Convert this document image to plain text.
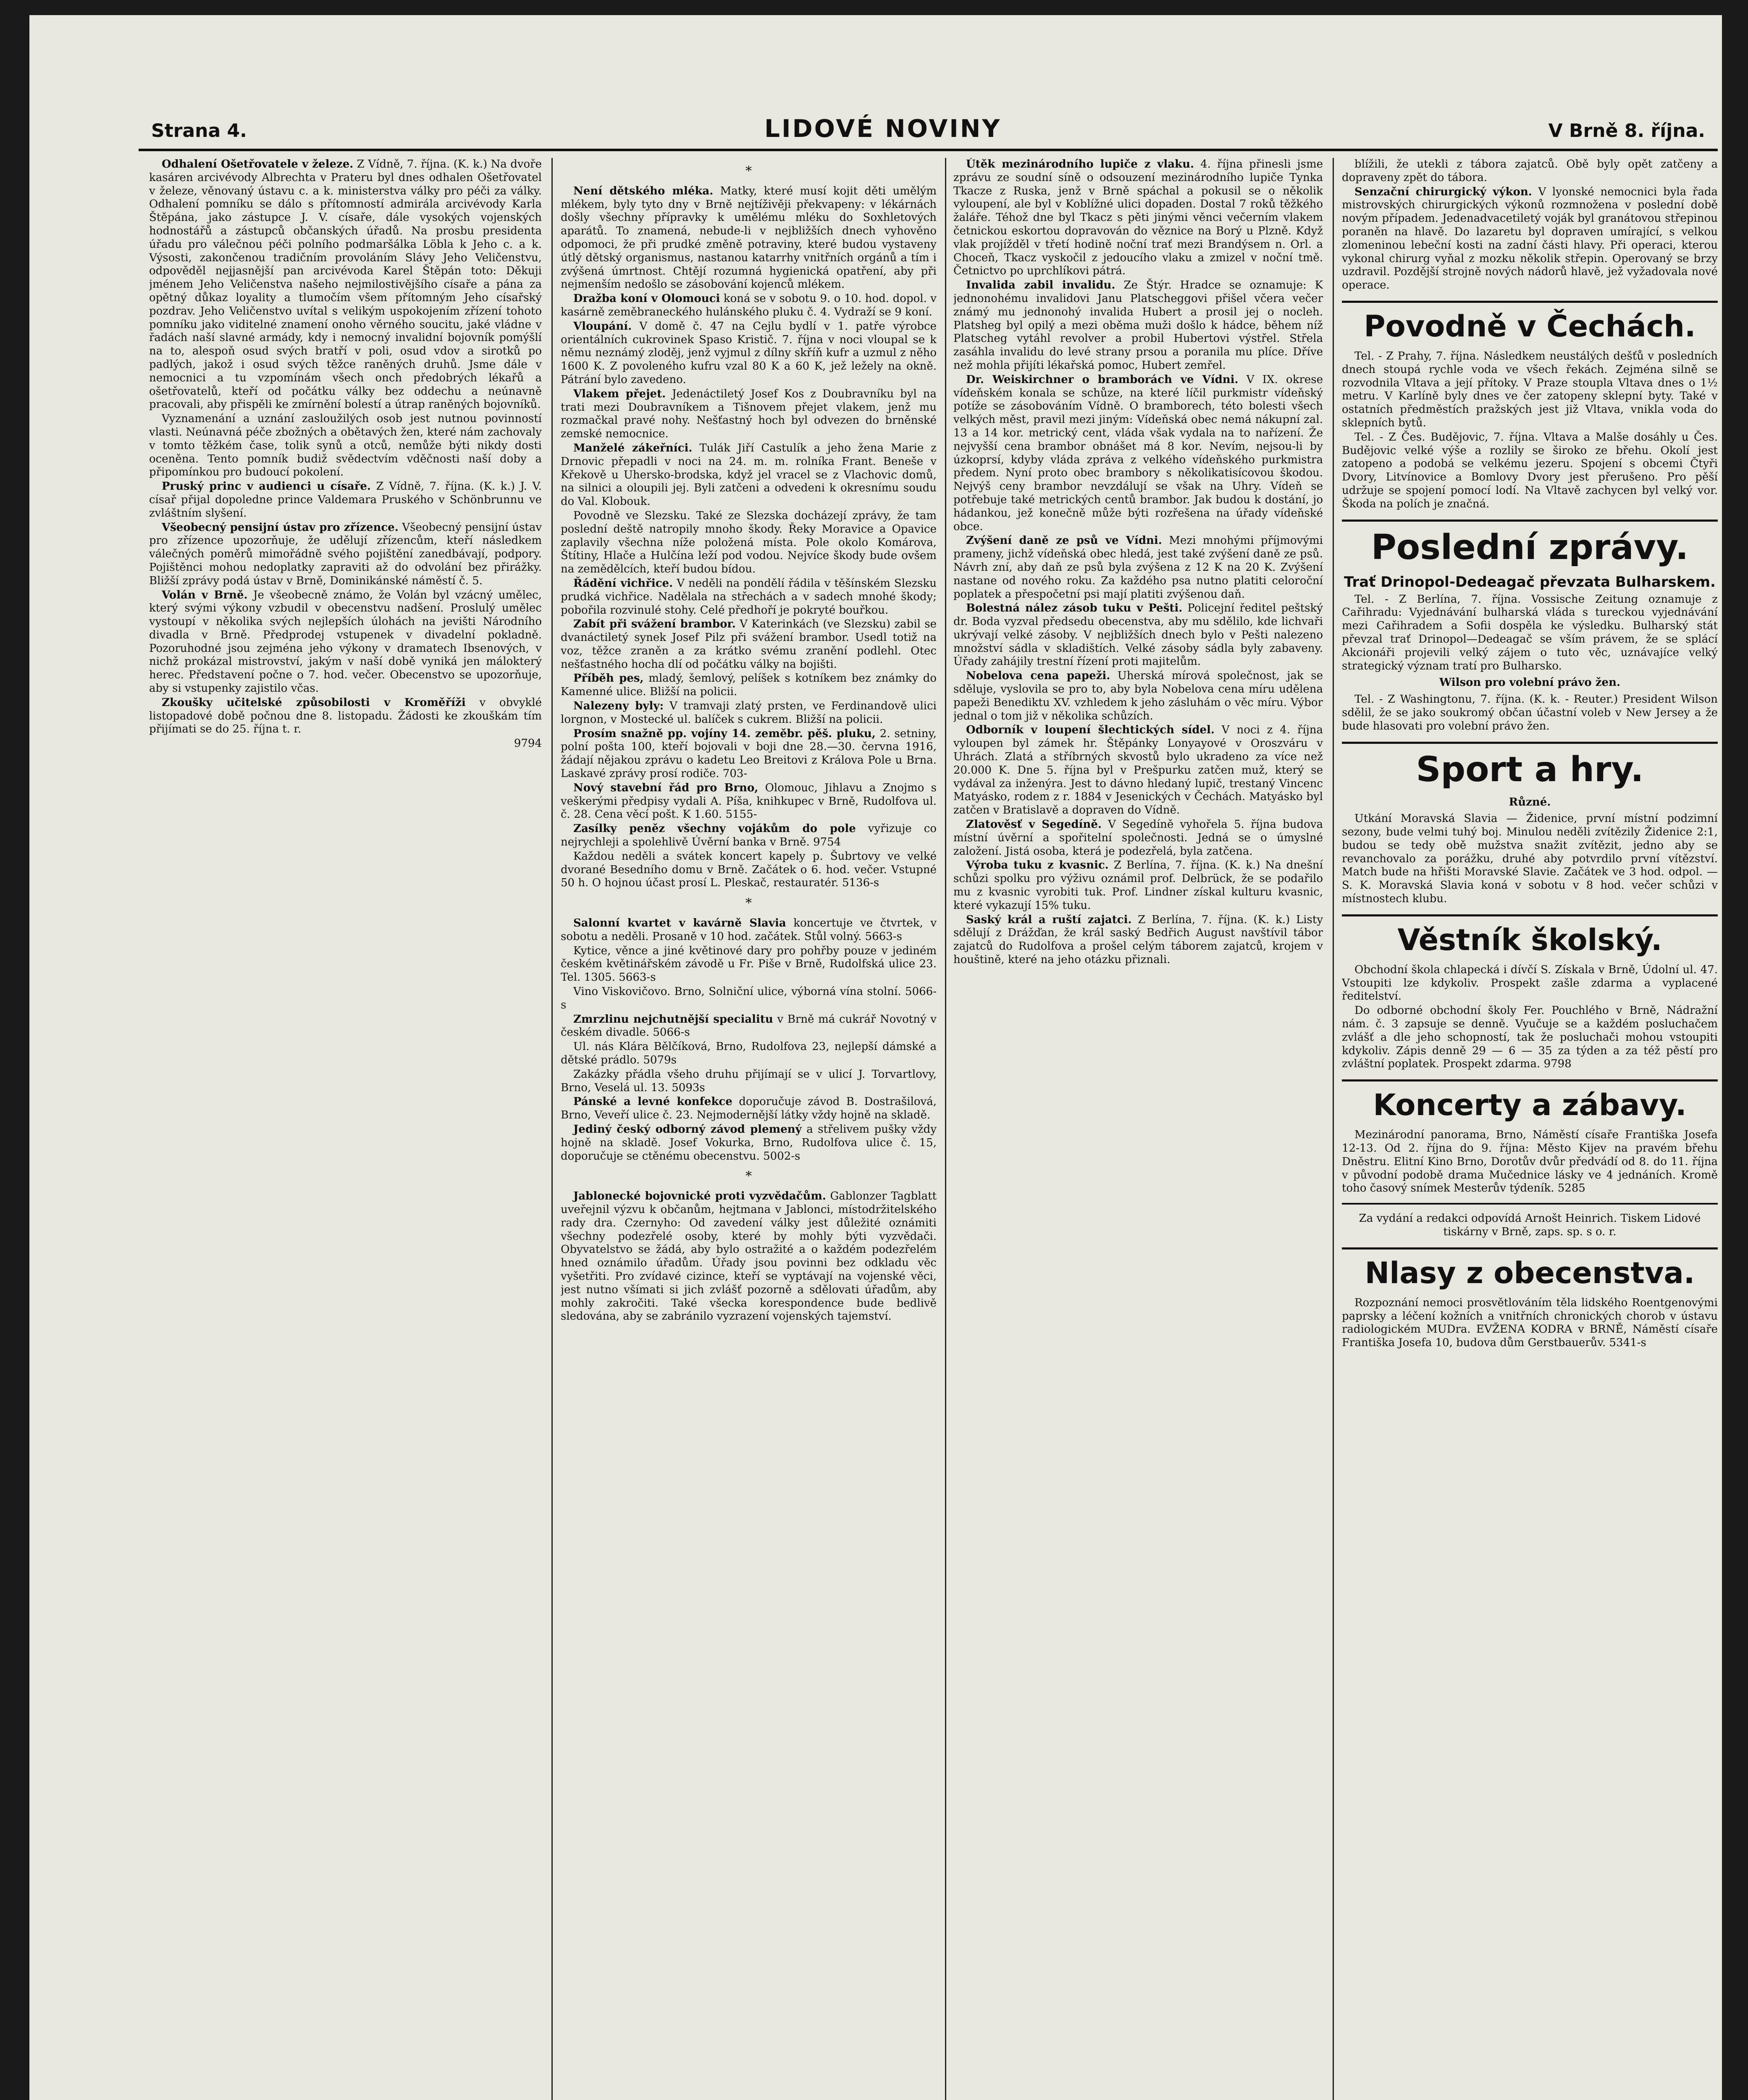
Strana 4.	LIDOVÉ NOVINY	V Brně 8. října.

Odhalení Ošetřovatele v železe. Z Vídně, 7. října. (K. k.) Na dvoře kasáren arcivévody Albrechta v Prateru byl dnes odhalen Ošetřovatel v železe, věnovaný ústavu c. a k. ministerstva války pro péči za války. Odhalení pomníku se dálo s přítomností admirála arcivévody Karla Štěpána, jako zástupce J. V. císaře, dále vysokých vojenských hodnostářů a zástupců občanských úřadů. Na prosbu presidenta úřadu pro válečnou péči polního podmaršálka Löbla k Jeho c. a k. Výsosti, zakončenou tradičním provoláním Slávy Jeho Veličenstvu, odpověděl nejjasnější pan arcivévoda Karel Štěpán toto: Děkuji jménem Jeho Veličenstva našeho nejmilostivějšího císaře a pána za opětný důkaz loyality a tlumočím všem přítomným Jeho císařský pozdrav. Jeho Veličenstvo uvítal s velikým uspokojením zřízení tohoto pomníku jako viditelné znamení onoho věrného soucitu, jaké vládne v řadách naší slavné armády, kdy i nemocný invalidní bojovník pomýšlí na to, alespoň osud svých bratří v poli, osud vdov a sirotků po padlých, jakož i osud svých těžce raněných druhů. Jsme dále v nemocnici a tu vzpomínám všech onch předobrých lékařů a ošetřovatelů, kteří od počátku války bez oddechu a neúnavně pracovali, aby přispěli ke zmírnění bolestí a útrap raněných bojovníků.

Vyznamenání a uznání zasloužilých osob jest nutnou povinností vlasti. Neúnavná péče zbožných a obětavých žen, které nám zachovaly v tomto těžkém čase, tolik synů a otců, nemůže býti nikdy dosti oceněna. Tento pomník budiž svědectvím vděčnosti naší doby a připomínkou pro budoucí pokolení.

Pruský princ v audienci u císaře. Z Vídně, 7. října. (K. k.) J. V. císař přijal dopoledne prince Valdemara Pruského v Schönbrunnu ve zvláštním slyšení.

Všeobecný pensijní ústav pro zřízence. Všeobecný pensijní ústav pro zřízence upozorňuje, že udělují zřízencům, kteří následkem válečných poměrů mimořádně svého pojištění zanedbávají, podpory. Pojištěnci mohou nedoplatky zapraviti až do odvolání bez přirážky. Bližší zprávy podá ústav v Brně, Dominikánské náměstí č. 5.

Volán v Brně. Je všeobecně známo, že Volán byl vzácný umělec, který svými výkony vzbudil v obecenstvu nadšení. Proslulý umělec vystoupí v několika svých nejlepších úlohách na jevišti Národního divadla v Brně. Předprodej vstupenek v divadelní pokladně. Pozoruhodné jsou zejména jeho výkony v dramatech Ibsenových, v nichž prokázal mistrovství, jakým v naší době vyniká jen málokterý herec. Představení počne o 7. hod. večer. Obecenstvo se upozorňuje, aby si vstupenky zajistilo včas.

Zkoušky učitelské způsobilosti v Kroměříži v obvyklé listopadové době počnou dne 8. listopadu. Žádosti ke zkouškám tím přijímati se do 25. října t. r.

9794

*

Není dětského mléka. Matky, které musí kojit děti umělým mlékem, byly tyto dny v Brně nejtíživěji překvapeny: v lékárnách došly všechny přípravky k umělému mléku do Soxhletových aparátů. To znamená, nebude-li v nejbližších dnech vyhověno odpomoci, že při prudké změně potraviny, které budou vystaveny útlý dětský organismus, nastanou katarrhy vnitřních orgánů a tím i zvýšená úmrtnost. Chtějí rozumná hygienická opatření, aby při nejmenším nedošlo se zásobování kojenců mlékem.

Dražba koní v Olomouci koná se v sobotu 9. o 10. hod. dopol. v kasárně zeměbraneckého hulánského pluku č. 4. Vydraží se 9 koní.

Vloupání. V domě č. 47 na Cejlu bydlí v 1. patře výrobce orientálních cukrovinek Spaso Kristič. 7. října v noci vloupal se k němu neznámý zloděj, jenž vyjmul z dílny skříň kufr a uzmul z něho 1600 K. Z povoleného kufru vzal 80 K a 60 K, jež ležely na okně. Pátrání bylo zavedeno.

Vlakem přejet. Jedenáctiletý Josef Kos z Doubravníku byl na trati mezi Doubravníkem a Tišnovem přejet vlakem, jenž mu rozmačkal pravé nohy. Nešťastný hoch byl odvezen do brněnské zemské nemocnice.

Manželé zákeřníci. Tulák Jiří Castulík a jeho žena Marie z Drnovic přepadli v noci na 24. m. m. rolníka Frant. Beneše v Křekově u Uhersko-brodska, když jel vracel se z Vlachovic domů, na silnici a oloupili jej. Byli zatčeni a odvedeni k okresnímu soudu do Val. Klobouk.

Povodně ve Slezsku. Také ze Slezska docházejí zprávy, že tam poslední deště natropily mnoho škody. Řeky Moravice a Opavice zaplavily všechna níže položená místa. Pole okolo Komárova, Štítiny, Hlače a Hulčína leží pod vodou. Nejvíce škody bude ovšem na zemědělcích, kteří budou bídou.

Řádění vichřice. V neděli na pondělí řádila v těšínském Slezsku prudká vichřice. Nadělala na střechách a v sadech mnohé škody; pobořila rozvinulé stohy. Celé předhoří je pokryté bouřkou.

Zabít při svážení brambor. V Katerinkách (ve Slezsku) zabil se dvanáctiletý synek Josef Pilz při svážení brambor. Usedl totiž na voz, těžce zraněn a za krátko svému zranění podlehl. Otec nešťastného hocha dlí od počátku války na bojišti.

Příběh pes, mladý, šemlový, pelíšek s kotníkem bez známky do Kamenné ulice. Bližší na policii.

Nalezeny byly: V tramvaji zlatý prsten, ve Ferdinandově ulici lorgnon, v Mostecké ul. balíček s cukrem. Bližší na policii.

Prosím snažně pp. vojíny 14. zeměbr. pěš. pluku, 2. setniny, polní pošta 100, kteří bojovali v boji dne 28.—30. června 1916, žádají nějakou zprávu o kadetu Leo Breitovi z Králova Pole u Brna. Laskavé zprávy prosí rodiče. 703-

Nový stavební řád pro Brno, Olomouc, Jihlavu a Znojmo s veškerými předpisy vydali A. Píša, knihkupec v Brně, Rudolfova ul. č. 28. Cena věcí pošt. K 1.60. 5155-

Zasílky peněz všechny vojákům do pole vyřizuje co nejrychleji a spolehlivě Úvěrní banka v Brně. 9754

Každou neděli a svátek koncert kapely p. Šubrtovy ve velké dvorané Besedního domu v Brně. Začátek o 6. hod. večer. Vstupné 50 h. O hojnou účast prosí L. Pleskač, restauratér. 5136-s

*

Salonní kvartet v kavárně Slavia koncertuje ve čtvrtek, v sobotu a neděli. Prosaně v 10 hod. začátek. Stůl volný. 5663-s

Kytice, věnce a jiné květinové dary pro pohřby pouze v jediném českém květinářském závodě u Fr. Piše v Brně, Rudolfská ulice 23. Tel. 1305. 5663-s

Vino Viskovičovo. Brno, Solniční ulice, výborná vína stolní. 5066-s

Zmrzlinu nejchutnější specialitu v Brně má cukrář Novotný v českém divadle. 5066-s

Ul. nás Klára Bělčíková, Brno, Rudolfova 23, nejlepší dámské a dětské prádlo. 5079s

Zakázky přádla všeho druhu přijímají se v ulicí J. Torvartlovy, Brno, Veselá ul. 13. 5093s

Pánské a levné konfekce doporučuje závod B. Dostrašilová, Brno, Veveří ulice č. 23. Nejmodernější látky vždy hojně na skladě.

Jediný český odborný závod plemený a střelivem pušky vždy hojně na skladě. Josef Vokurka, Brno, Rudolfova ulice č. 15, doporučuje se ctěnému obecenstvu. 5002-s

*

Jablonecké bojovnické proti vyzvědačům. Gablonzer Tagblatt uveřejnil výzvu k občanům, hejtmana v Jablonci, místodržitelského rady dra. Czernyho: Od zavedení války jest důležité oznámiti všechny podezřelé osoby, které by mohly býti vyzvědači. Obyvatelstvo se žádá, aby bylo ostražité a o každém podezřelém hned oznámilo úřadům. Úřady jsou povinni bez odkladu věc vyšetřiti. Pro zvídavé cizince, kteří se vyptávají na vojenské věci, jest nutno všímati si jich zvlášť pozorně a sdělovati úřadům, aby mohly zakročiti. Také všecka korespondence bude bedlivě sledována, aby se zabránilo vyzrazení vojenských tajemství.

Útěk mezinárodního lupiče z vlaku. 4. října přinesli jsme zprávu ze soudní síně o odsouzení mezinárodního lupiče Tynka Tkacze z Ruska, jenž v Brně spáchal a pokusil se o několik vyloupení, ale byl v Koblížné ulici dopaden. Dostal 7 roků těžkého žaláře. Téhož dne byl Tkacz s pěti jinými věnci večerním vlakem četnickou eskortou dopravován do věznice na Borý u Plzně. Když vlak projížděl v třetí hodině noční trať mezi Brandýsem n. Orl. a Choceň, Tkacz vyskočil z jedoucího vlaku a zmizel v noční tmě. Četnictvo po uprchlíkovi pátrá.

Invalida zabil invalidu. Ze Štýr. Hradce se oznamuje: K jednonohému invalidovi Janu Platscheggovi přišel včera večer známý mu jednonohý invalida Hubert a prosil jej o nocleh. Platsheg byl opilý a mezi oběma muži došlo k hádce, během níž Platscheg vytáhl revolver a probil Hubertovi výstřel. Střela zasáhla invalidu do levé strany prsou a poranila mu plíce. Dříve než mohla přijíti lékařská pomoc, Hubert zemřel.

Dr. Weiskirchner o bramborách ve Vídni. V IX. okrese vídeňském konala se schůze, na které líčil purkmistr vídeňský potíže se zásobováním Vídně. O bramborech, této bolesti všech velkých měst, pravil mezi jiným: Vídeňská obec nemá nákupní zal. 13 a 14 kor. metrický cent, vláda však vydala na to nařízení. Že nejvyšší cena brambor obnášet má 8 kor. Nevím, nejsou-li by úzkoprsí, kdyby vláda zpráva z velkého vídeňského purkmistra předem. Nyní proto obec brambory s několikatisícovou škodou. Nejvýš ceny brambor nevzdálují se však na Uhry. Vídeň se potřebuje také metrických centů brambor. Jak budou k dostání, jo hádankou, jež konečně může býti rozřešena na úřady vídeňské obce.

Zvýšení daně ze psů ve Vídni. Mezi mnohými příjmovými prameny, jichž vídeňská obec hledá, jest také zvýšení daně ze psů. Návrh zní, aby daň ze psů byla zvýšena z 12 K na 20 K. Zvýšení nastane od nového roku. Za každého psa nutno platiti celoroční poplatek a přespočetní psi mají platiti zvýšenou daň.

Bolestná nález zásob tuku v Pešti. Policejní ředitel peštský dr. Boda vyzval předsedu obecenstva, aby mu sdělilo, kde lichvaři ukrývají velké zásoby. V nejbližších dnech bylo v Pešti nalezeno množství sádla v skladištích. Velké zásoby sádla byly zabaveny. Úřady zahájily trestní řízení proti majitelům.

Nobelova cena papeži. Uherská mírová společnost, jak se sděluje, vyslovila se pro to, aby byla Nobelova cena míru udělena papeži Benediktu XV. vzhledem k jeho zásluhám o věc míru. Výbor jednal o tom již v několika schůzích.

Odborník v loupení šlechtických sídel. V noci z 4. října vyloupen byl zámek hr. Štěpánky Lonyayové v Oroszváru v Uhrách. Zlatá a stříbrných skvostů bylo ukradeno za více než 20.000 K. Dne 5. října byl v Prešpurku zatčen muž, který se vydával za inženýra. Jest to dávno hledaný lupič, trestaný Vincenc Matyásko, rodem z r. 1884 v Jesenických v Čechách. Matyásko byl zatčen v Bratislavě a dopraven do Vídně.

Zlatověsť v Segedíně. V Segedíně vyhořela 5. října budova místní úvěrní a spořitelní společnosti. Jedná se o úmyslné založení. Jistá osoba, která je podezřelá, byla zatčena.

Výroba tuku z kvasnic. Z Berlína, 7. října. (K. k.) Na dnešní schůzi spolku pro výživu oznámil prof. Delbrück, že se podařilo mu z kvasnic vyrobiti tuk. Prof. Lindner získal kulturu kvasnic, které vykazují 15% tuku.

Saský král a ruští zajatci. Z Berlína, 7. října. (K. k.) Listy sdělují z Drážďan, že král saský Bedřich August navštívil tábor zajatců do Rudolfova a prošel celým táborem zajatců, krojem v houštině, které na jeho otázku přiznali.

blížili, že utekli z tábora zajatců. Obě byly opět zatčeny a dopraveny zpět do tábora.

Senzační chirurgický výkon. V lyonské nemocnici byla řada mistrovských chirurgických výkonů rozmnožena v poslední době novým případem. Jedenadvacetiletý voják byl granátovou střepinou poraněn na hlavě. Do lazaretu byl dopraven umírající, s velkou zlomeninou lebeční kosti na zadní části hlavy. Při operaci, kterou vykonal chirurg vyňal z mozku několik střepin. Operovaný se brzy uzdravil. Pozdější strojně nových nádorů hlavě, jež vyžadovala nové operace.

Povodně v Čechách.

Tel. - Z Prahy, 7. října. Následkem neustálých dešťů v posledních dnech stoupá rychle voda ve všech řekách. Zejména silně se rozvodnila Vltava a její přítoky. V Praze stoupla Vltava dnes o 1½ metru. V Karlíně byly dnes ve čer zatopeny sklepní byty. Také v ostatních předměstích pražských jest již Vltava, vnikla voda do sklepních bytů.

Tel. - Z Čes. Budějovic, 7. října. Vltava a Malše dosáhly u Čes. Budějovic velké výše a rozlily se široko ze břehu. Okolí jest zatopeno a podobá se velkému jezeru. Spojení s obcemi Čtyři Dvory, Litvínovice a Bomlovy Dvory jest přerušeno. Pro pěší udržuje se spojení pomocí lodí. Na Vltavě zachycen byl velký vor. Škoda na polích je značná.

Poslední zprávy.
Trať Drinopol-Dedeagač převzata Bulharskem.

Tel. - Z Berlína, 7. října. Vossische Zeitung oznamuje z Cařihradu: Vyjednávání bulharská vláda s tureckou vyjednávání mezi Cařihradem a Sofii dospěla ke výsledku. Bulharský stát převzal trať Drinopol—Dedeagač se vším právem, že se splácí Akcionáři projevili velký zájem o tuto věc, uznávajíce velký strategický význam tratí pro Bulharsko.

Wilson pro volební právo žen.

Tel. - Z Washingtonu, 7. října. (K. k. - Reuter.) President Wilson sdělil, že se jako soukromý občan účastní voleb v New Jersey a že bude hlasovati pro volební právo žen.

Sport a hry.
Různé.

Utkání Moravská Slavia — Židenice, první místní podzimní sezony, bude velmi tuhý boj. Minulou neděli zvítězily Židenice 2:1, budou se tedy obě mužstva snažit zvítězit, jedno aby se revanchovalo za porážku, druhé aby potvrdilo první vítězství. Match bude na hřišti Moravské Slavie. Začátek ve 3 hod. odpol. — S. K. Moravská Slavia koná v sobotu v 8 hod. večer schůzi v místnostech klubu.

Věstník školský.

Obchodní škola chlapecká i dívčí S. Získala v Brně, Údolní ul. 47. Vstoupiti lze kdykoliv. Prospekt zašle zdarma a vyplacené ředitelství.

Do odborné obchodní školy Fer. Pouchlého v Brně, Nádražní nám. č. 3 zapsuje se denně. Vyučuje se a každém posluchačem zvlášť a dle jeho schopností, tak že posluchači mohou vstoupiti kdykoliv. Zápis denně 29 — 6 — 35 za týden a za též pěstí pro zvláštní poplatek. Prospekt zdarma. 9798

Koncerty a zábavy.

Mezinárodní panorama, Brno, Náměstí císaře Františka Josefa 12-13. Od 2. října do 9. října: Město Kijev na pravém břehu Dněstru. Elitní Kino Brno, Dorotův dvůr předvádí od 8. do 11. října v původní podobě drama Mučednice lásky ve 4 jednáních. Kromě toho časový snímek Mesterův týdeník. 5285

Za vydání a redakci odpovídá Arnošt Heinrich. Tiskem Lidové tiskárny v Brně, zaps. sp. s o. r.

Nlasy z obecenstva.

Rozpoznání nemoci prosvětlováním těla lidského Roentgenovými paprsky a léčení kožních a vnitřních chronických chorob v ústavu radiologickém MUDra. EVŽENA KODRA v BRNĚ, Náměstí císaře Františka Josefa 10, budova dům Gerstbauerův. 5341-s
